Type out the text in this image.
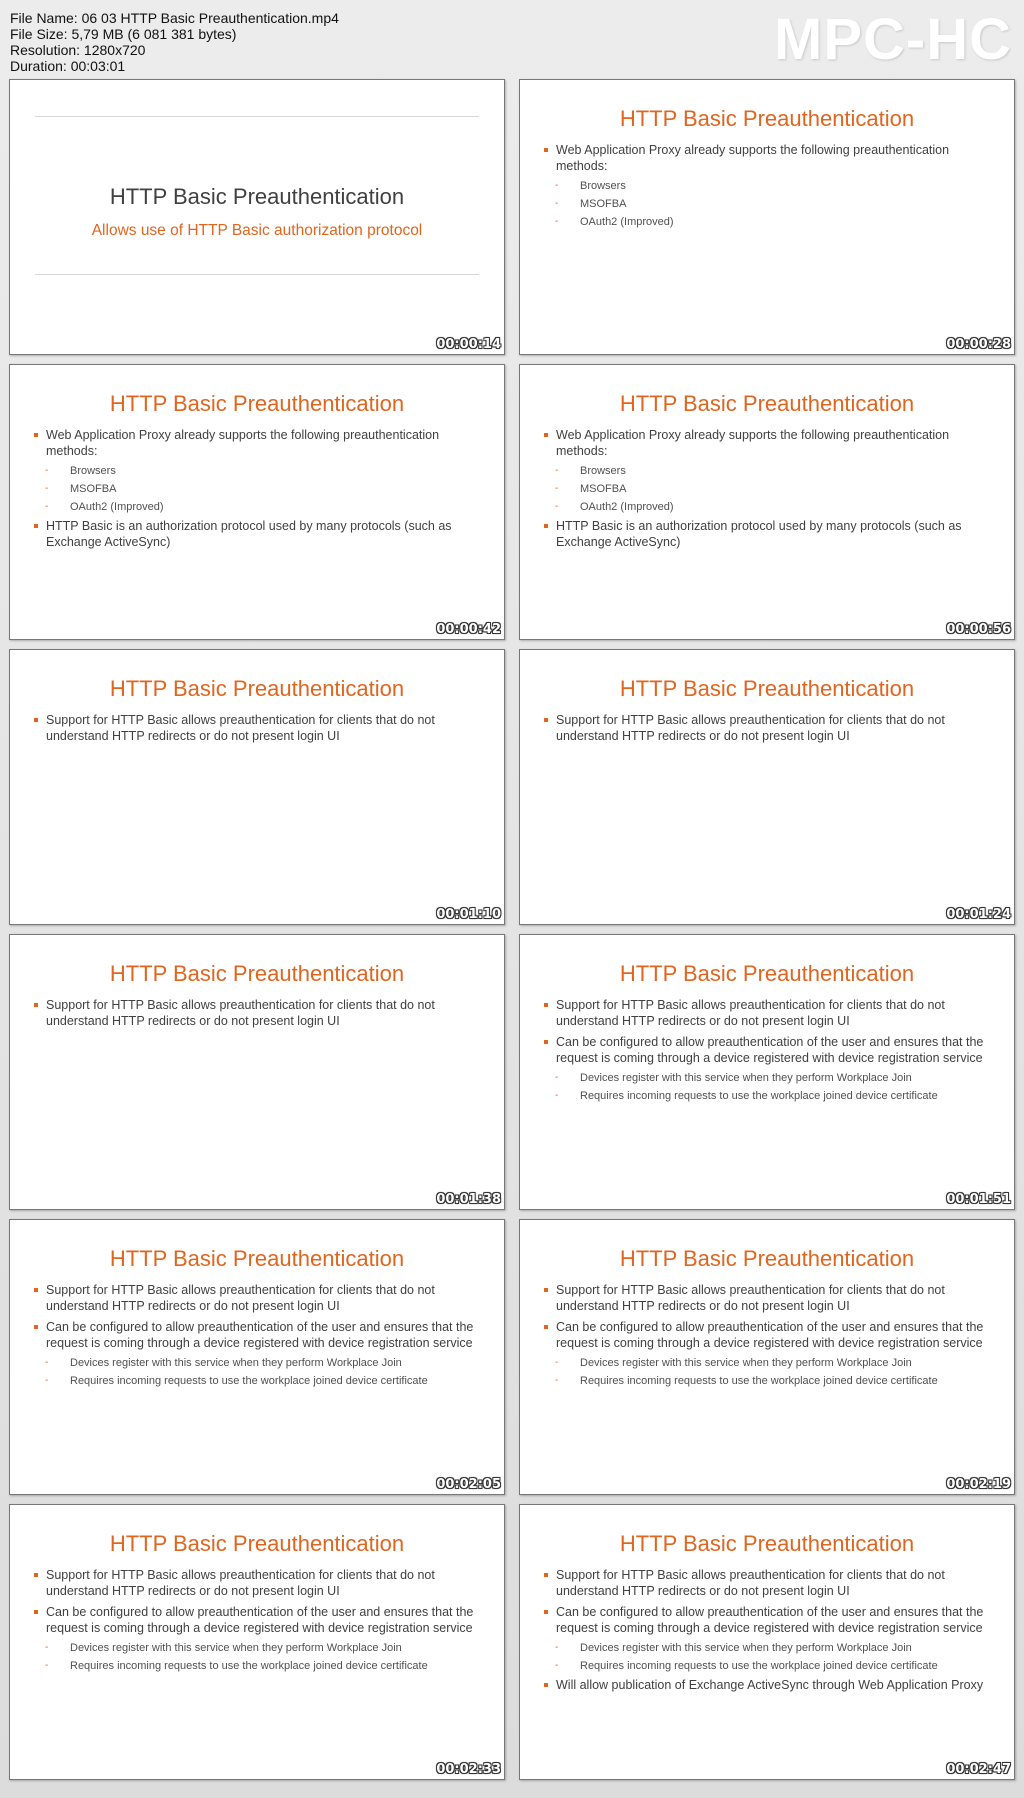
File Name: 06 03 HTTP Basic Preauthentication.mp4
File Size: 5,79 MB (6 081 381 bytes)
Resolution: 1280x720
Duration: 00:03:01	MPC-HC
HTTP Basic Preauthentication
Allows use of HTTP Basic authorization protocol
00:00:14
HTTP Basic Preauthentication
Web Application Proxy already supports the following preauthentication methods:
- Browsers
- MSOFBA
- OAuth2 (Improved)
00:00:28
HTTP Basic Preauthentication
Web Application Proxy already supports the following preauthentication methods:
- Browsers
- MSOFBA
- OAuth2 (Improved)
HTTP Basic is an authorization protocol used by many protocols (such as Exchange ActiveSync)
00:00:42
HTTP Basic Preauthentication
Web Application Proxy already supports the following preauthentication methods:
- Browsers
- MSOFBA
- OAuth2 (Improved)
HTTP Basic is an authorization protocol used by many protocols (such as Exchange ActiveSync)
00:00:56
HTTP Basic Preauthentication
Support for HTTP Basic allows preauthentication for clients that do not understand HTTP redirects or do not present login UI
00:01:10
HTTP Basic Preauthentication
Support for HTTP Basic allows preauthentication for clients that do not understand HTTP redirects or do not present login UI
00:01:24
HTTP Basic Preauthentication
Support for HTTP Basic allows preauthentication for clients that do not understand HTTP redirects or do not present login UI
00:01:38
HTTP Basic Preauthentication
Support for HTTP Basic allows preauthentication for clients that do not understand HTTP redirects or do not present login UI
Can be configured to allow preauthentication of the user and ensures that the request is coming through a device registered with device registration service
- Devices register with this service when they perform Workplace Join
- Requires incoming requests to use the workplace joined device certificate
00:01:51
HTTP Basic Preauthentication
Support for HTTP Basic allows preauthentication for clients that do not understand HTTP redirects or do not present login UI
Can be configured to allow preauthentication of the user and ensures that the request is coming through a device registered with device registration service
- Devices register with this service when they perform Workplace Join
- Requires incoming requests to use the workplace joined device certificate
00:02:05
HTTP Basic Preauthentication
Support for HTTP Basic allows preauthentication for clients that do not understand HTTP redirects or do not present login UI
Can be configured to allow preauthentication of the user and ensures that the request is coming through a device registered with device registration service
- Devices register with this service when they perform Workplace Join
- Requires incoming requests to use the workplace joined device certificate
00:02:19
HTTP Basic Preauthentication
Support for HTTP Basic allows preauthentication for clients that do not understand HTTP redirects or do not present login UI
Can be configured to allow preauthentication of the user and ensures that the request is coming through a device registered with device registration service
- Devices register with this service when they perform Workplace Join
- Requires incoming requests to use the workplace joined device certificate
00:02:33
HTTP Basic Preauthentication
Support for HTTP Basic allows preauthentication for clients that do not understand HTTP redirects or do not present login UI
Can be configured to allow preauthentication of the user and ensures that the request is coming through a device registered with device registration service
- Devices register with this service when they perform Workplace Join
- Requires incoming requests to use the workplace joined device certificate
Will allow publication of Exchange ActiveSync through Web Application Proxy
00:02:47
